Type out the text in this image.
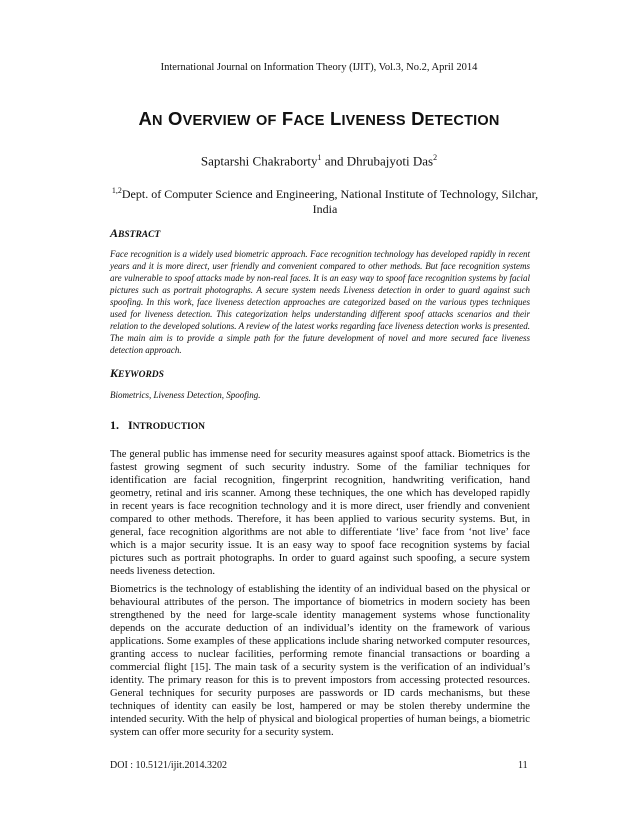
International Journal on Information Theory (IJIT), Vol.3, No.2, April 2014
AN OVERVIEW OF FACE LIVENESS DETECTION
Saptarshi Chakraborty$^1$ and Dhrubajyoti Das$^2$
$^{1,2}$Dept. of Computer Science and Engineering, National Institute of Technology, Silchar, India
ABSTRACT
Face recognition is a widely used biometric approach. Face recognition technology has developed rapidly in recent years and it is more direct, user friendly and convenient compared to other methods. But face recognition systems are vulnerable to spoof attacks made by non-real faces. It is an easy way to spoof face recognition systems by facial pictures such as portrait photographs. A secure system needs Liveness detection in order to guard against such spoofing. In this work, face liveness detection approaches are categorized based on the various types techniques used for liveness detection. This categorization helps understanding different spoof attacks scenarios and their relation to the developed solutions. A review of the latest works regarding face liveness detection works is presented. The main aim is to provide a simple path for the future development of novel and more secured face liveness detection approach.
KEYWORDS
Biometrics, Liveness Detection, Spoofing.
1. INTRODUCTION
The general public has immense need for security measures against spoof attack. Biometrics is the fastest growing segment of such security industry. Some of the familiar techniques for identification are facial recognition, fingerprint recognition, handwriting verification, hand geometry, retinal and iris scanner. Among these techniques, the one which has developed rapidly in recent years is face recognition technology and it is more direct, user friendly and convenient compared to other methods. Therefore, it has been applied to various security systems. But, in general, face recognition algorithms are not able to differentiate ‘live’ face from ‘not live’ face which is a major security issue. It is an easy way to spoof face recognition systems by facial pictures such as portrait photographs. In order to guard against such spoofing, a secure system needs liveness detection.
Biometrics is the technology of establishing the identity of an individual based on the physical or behavioural attributes of the person. The importance of biometrics in modern society has been strengthened by the need for large-scale identity management systems whose functionality depends on the accurate deduction of an individual’s identity on the framework of various applications. Some examples of these applications include sharing networked computer resources, granting access to nuclear facilities, performing remote financial transactions or boarding a commercial flight [15]. The main task of a security system is the verification of an individual’s identity. The primary reason for this is to prevent impostors from accessing protected resources. General techniques for security purposes are passwords or ID cards mechanisms, but these techniques of identity can easily be lost, hampered or may be stolen thereby undermine the intended security. With the help of physical and biological properties of human beings, a biometric system can offer more security for a security system.
DOI : 10.5121/ijit.2014.3202	11
